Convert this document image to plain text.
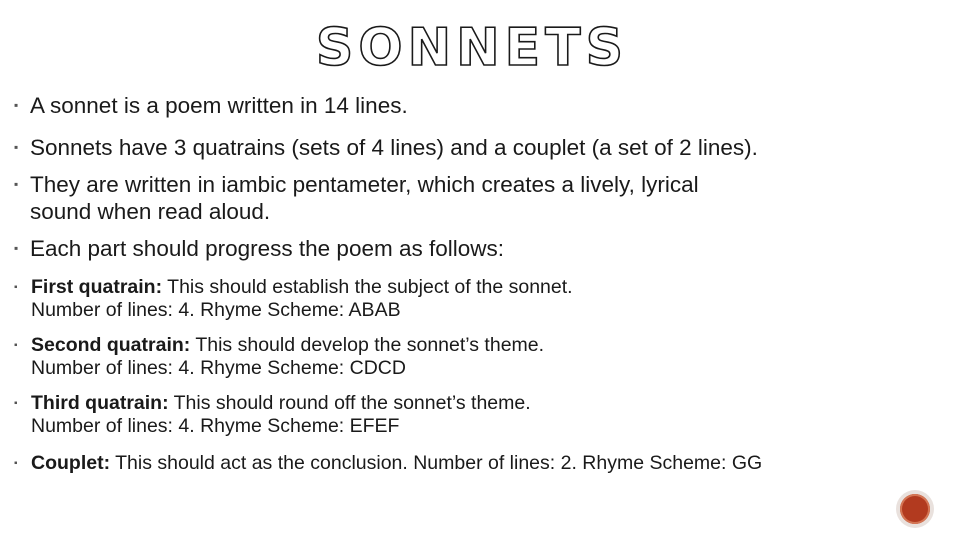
SONNETS
▪ A sonnet is a poem written in 14 lines.
▪ Sonnets have 3 quatrains (sets of 4 lines) and a couplet (a set of 2 lines).
▪ They are written in iambic pentameter, which creates a lively, lyrical
sound when read aloud.
▪ Each part should progress the poem as follows:
▪ First quatrain: This should establish the subject of the sonnet.
Number of lines: 4. Rhyme Scheme: ABAB
▪ Second quatrain: This should develop the sonnet’s theme.
Number of lines: 4. Rhyme Scheme: CDCD
▪ Third quatrain: This should round off the sonnet’s theme.
Number of lines: 4. Rhyme Scheme: EFEF
▪ Couplet: This should act as the conclusion. Number of lines: 2. Rhyme Scheme: GG
